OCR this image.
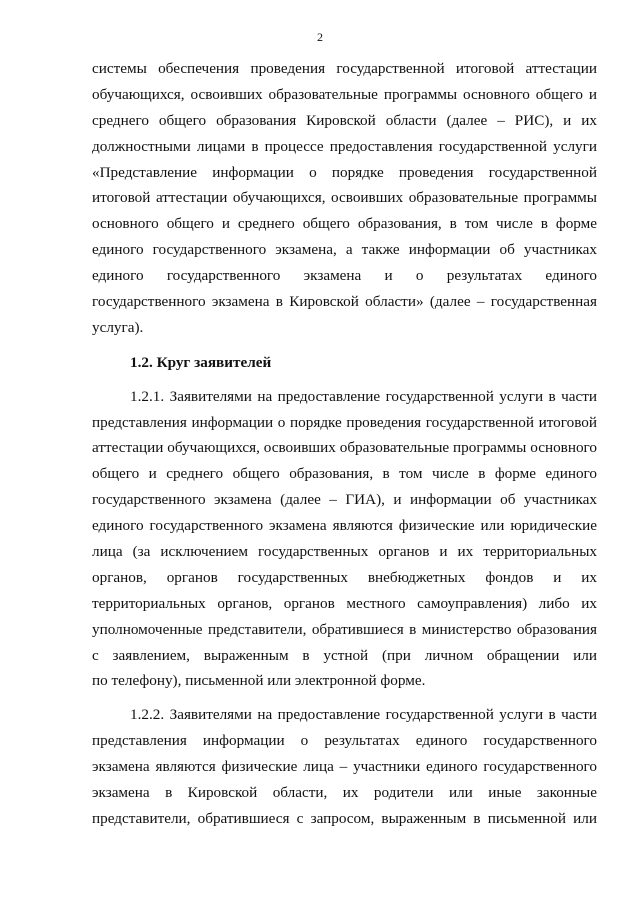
2
системы обеспечения проведения государственной итоговой аттестации
обучающихся, освоивших образовательные программы основного общего и
среднего общего образования Кировской области (далее – РИС), и их
должностными лицами в процессе предоставления государственной услуги
«Представление информации о порядке проведения государственной
итоговой аттестации обучающихся, освоивших образовательные программы
основного общего и среднего общего образования, в том числе в форме
единого государственного экзамена, а также информации об участниках
единого государственного экзамена и о результатах единого
государственного экзамена в Кировской области» (далее – государственная
услуга).
1.2. Круг заявителей
1.2.1. Заявителями на предоставление государственной услуги в части
представления информации о порядке проведения государственной итоговой
аттестации обучающихся, освоивших образовательные программы основного
общего и среднего общего образования, в том числе в форме единого
государственного экзамена (далее – ГИА), и информации об участниках
единого государственного экзамена являются физические или юридические
лица (за исключением государственных органов и их территориальных
органов, органов государственных внебюджетных фондов и их
территориальных органов, органов местного самоуправления) либо их
уполномоченные представители, обратившиеся в министерство образования
с заявлением, выраженным в устной (при личном обращении или
по телефону), письменной или электронной форме.
1.2.2. Заявителями на предоставление государственной услуги в части
представления информации о результатах единого государственного
экзамена являются физические лица – участники единого государственного
экзамена в Кировской области, их родители или иные законные
представители, обратившиеся с запросом, выраженным в письменной или
